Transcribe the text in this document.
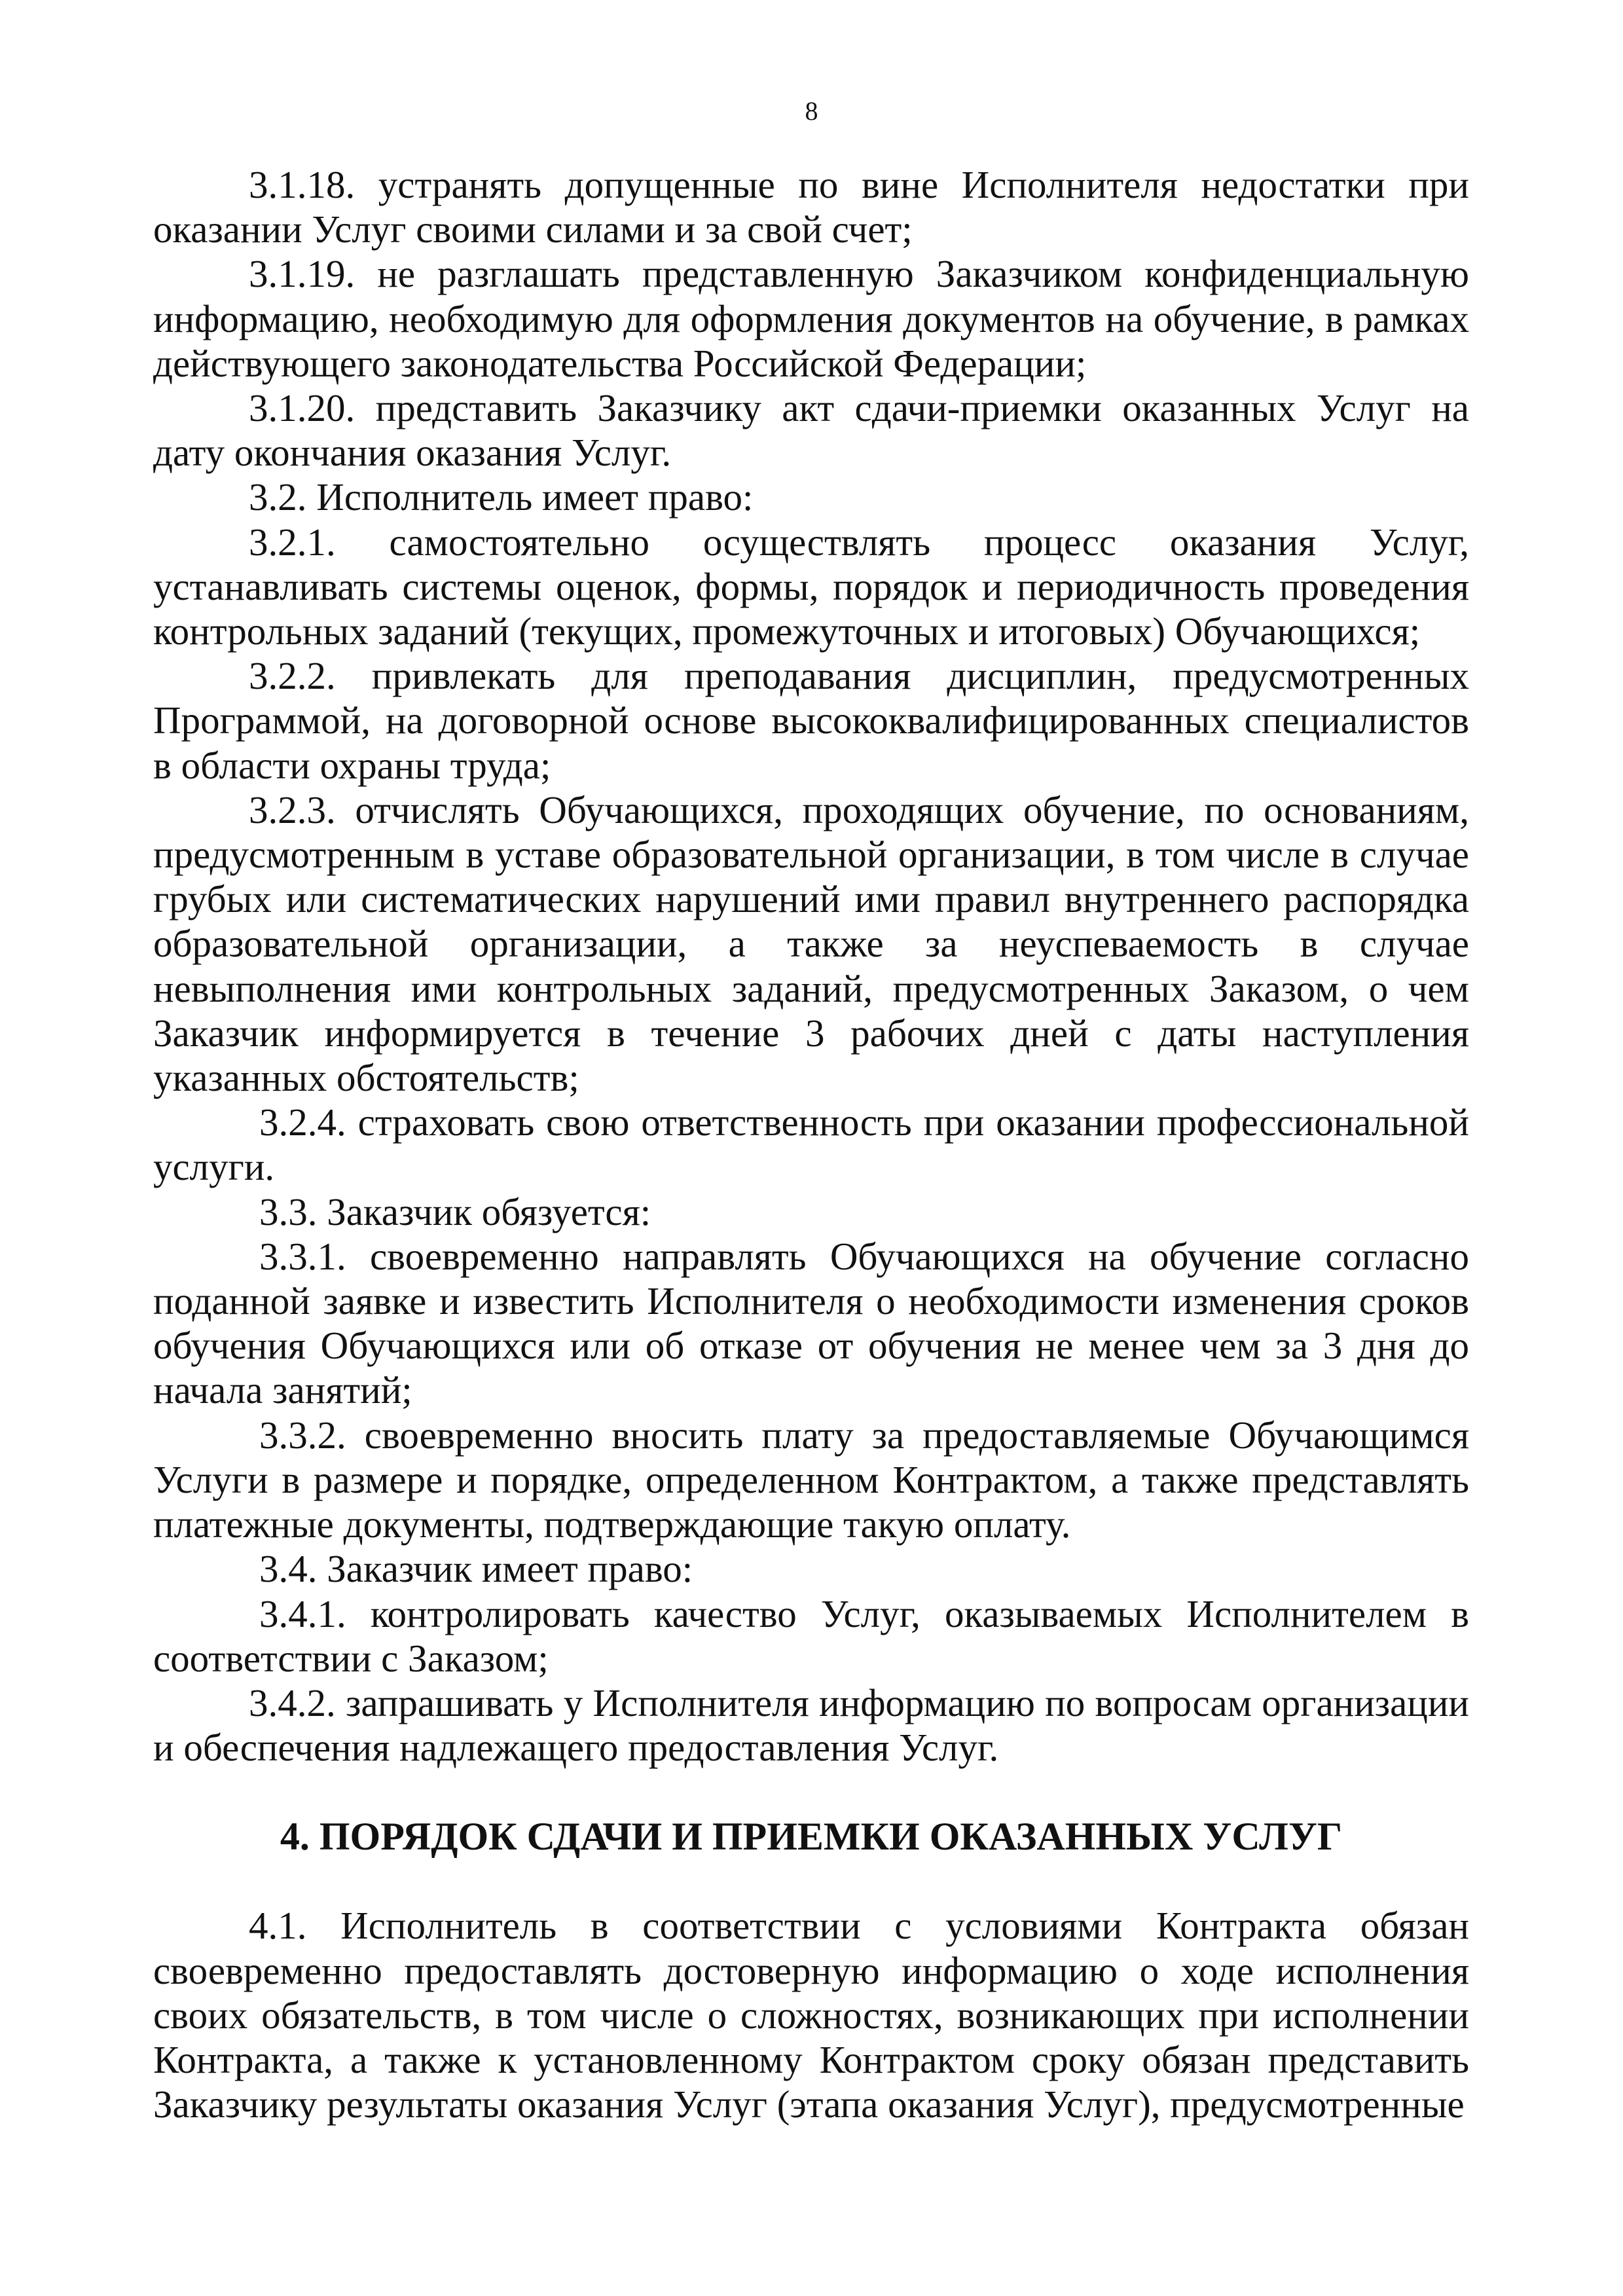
8

3.1.18. устранять допущенные по вине Исполнителя недостатки при оказании Услуг своими силами и за свой счет;

3.1.19. не разглашать представленную Заказчиком конфиденциальную информацию, необходимую для оформления документов на обучение, в рамках действующего законодательства Российской Федерации;

3.1.20. представить Заказчику акт сдачи-приемки оказанных Услуг на дату окончания оказания Услуг.

3.2. Исполнитель имеет право:

3.2.1. самостоятельно осуществлять процесс оказания Услуг, устанавливать системы оценок, формы, порядок и периодичность проведения контрольных заданий (текущих, промежуточных и итоговых) Обучающихся;

3.2.2. привлекать для преподавания дисциплин, предусмотренных Программой, на договорной основе высококвалифицированных специалистов в области охраны труда;

3.2.3. отчислять Обучающихся, проходящих обучение, по основаниям, предусмотренным в уставе образовательной организации, в том числе в случае грубых или систематических нарушений ими правил внутреннего распорядка образовательной организации, а также за неуспеваемость в случае невыполнения ими контрольных заданий, предусмотренных Заказом, о чем Заказчик информируется в течение 3 рабочих дней с даты наступления указанных обстоятельств;

3.2.4. страховать свою ответственность при оказании профессиональной услуги.

3.3. Заказчик обязуется:

3.3.1. своевременно направлять Обучающихся на обучение согласно поданной заявке и известить Исполнителя о необходимости изменения сроков обучения Обучающихся или об отказе от обучения не менее чем за 3 дня до начала занятий;

3.3.2. своевременно вносить плату за предоставляемые Обучающимся Услуги в размере и порядке, определенном Контрактом, а также представлять платежные документы, подтверждающие такую оплату.

3.4. Заказчик имеет право:

3.4.1. контролировать качество Услуг, оказываемых Исполнителем в соответствии с Заказом;

3.4.2. запрашивать у Исполнителя информацию по вопросам организации и обеспечения надлежащего предоставления Услуг.

4. ПОРЯДОК СДАЧИ И ПРИЕМКИ ОКАЗАННЫХ УСЛУГ

4.1. Исполнитель в соответствии с условиями Контракта обязан своевременно предоставлять достоверную информацию о ходе исполнения своих обязательств, в том числе о сложностях, возникающих при исполнении Контракта, а также к установленному Контрактом сроку обязан представить Заказчику результаты оказания Услуг (этапа оказания Услуг), предусмотренные
